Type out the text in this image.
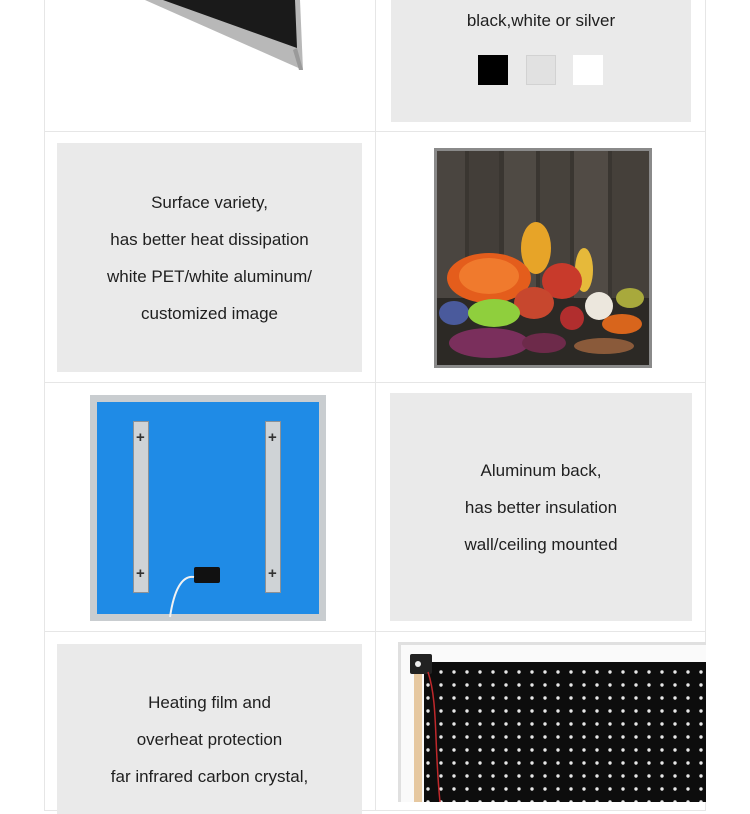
black,white or silver

Surface variety,

has better heat dissipation

white PET/white aluminum/

customized image

+
+
+
+

Aluminum back,

has better insulation

wall/ceiling mounted

Heating film and

overheat protection

far infrared carbon crystal,
